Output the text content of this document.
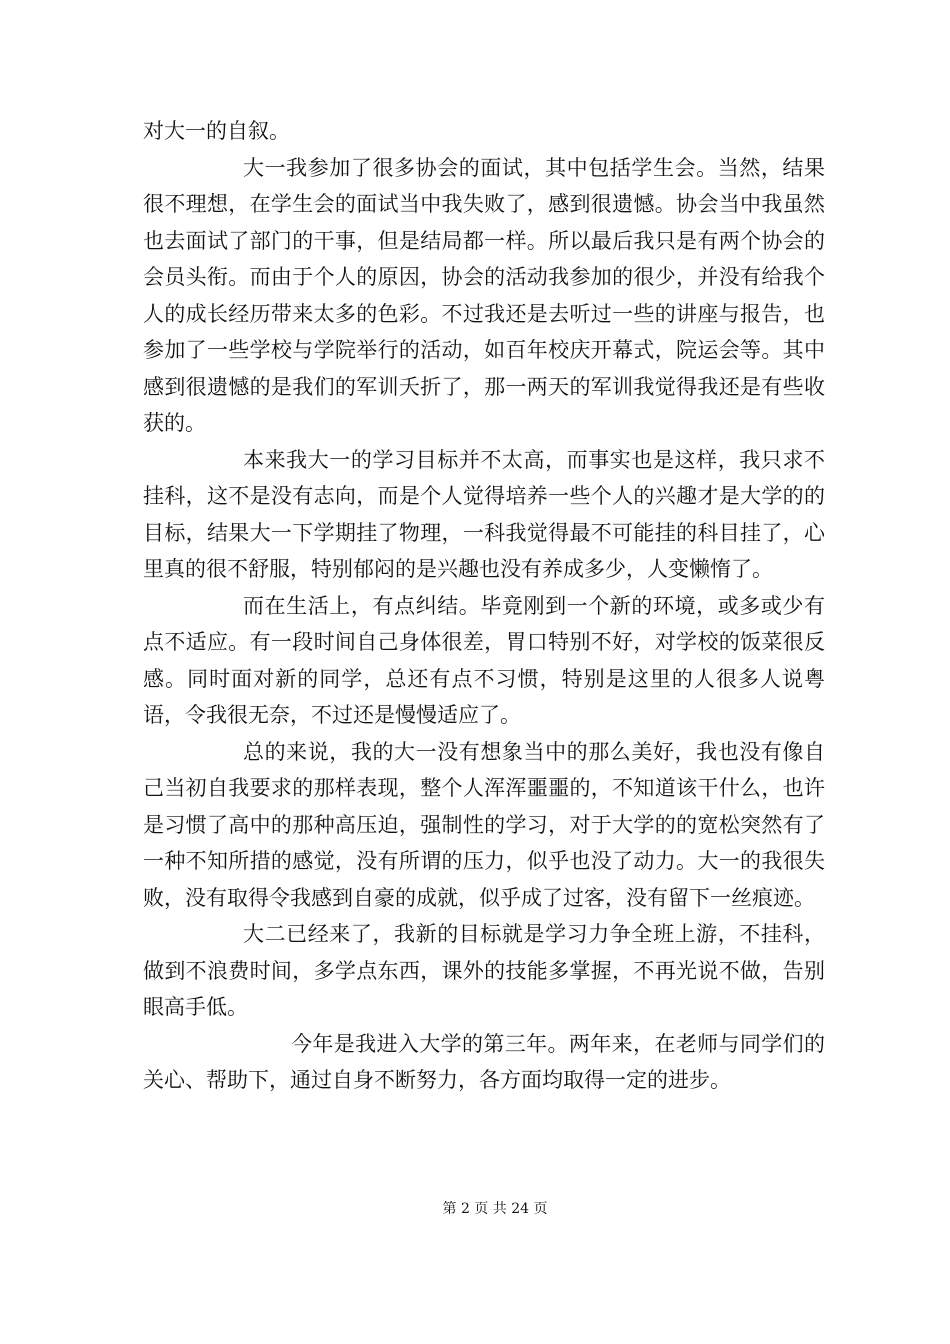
对大一的自叙。

大一我参加了很多协会的面试，其中包括学生会。当然，结果很不理想，在学生会的面试当中我失败了，感到很遗憾。协会当中我虽然也去面试了部门的干事，但是结局都一样。所以最后我只是有两个协会的会员头衔。而由于个人的原因，协会的活动我参加的很少，并没有给我个人的成长经历带来太多的色彩。不过我还是去听过一些的讲座与报告，也参加了一些学校与学院举行的活动，如百年校庆开幕式，院运会等。其中感到很遗憾的是我们的军训夭折了，那一两天的军训我觉得我还是有些收获的。

本来我大一的学习目标并不太高，而事实也是这样，我只求不挂科，这不是没有志向，而是个人觉得培养一些个人的兴趣才是大学的的目标，结果大一下学期挂了物理，一科我觉得最不可能挂的科目挂了，心里真的很不舒服，特别郁闷的是兴趣也没有养成多少，人变懒惰了。

而在生活上，有点纠结。毕竟刚到一个新的环境，或多或少有点不适应。有一段时间自己身体很差，胃口特别不好，对学校的饭菜很反感。同时面对新的同学，总还有点不习惯，特别是这里的人很多人说粤语，令我很无奈，不过还是慢慢适应了。

总的来说，我的大一没有想象当中的那么美好，我也没有像自己当初自我要求的那样表现，整个人浑浑噩噩的，不知道该干什么，也许是习惯了高中的那种高压迫，强制性的学习，对于大学的的宽松突然有了一种不知所措的感觉，没有所谓的压力，似乎也没了动力。大一的我很失败，没有取得令我感到自豪的成就，似乎成了过客，没有留下一丝痕迹。

大二已经来了，我新的目标就是学习力争全班上游，不挂科，做到不浪费时间，多学点东西，课外的技能多掌握，不再光说不做，告别眼高手低。

今年是我进入大学的第三年。两年来，在老师与同学们的关心、帮助下，通过自身不断努力，各方面均取得一定的进步。

第 2 页 共 24 页
